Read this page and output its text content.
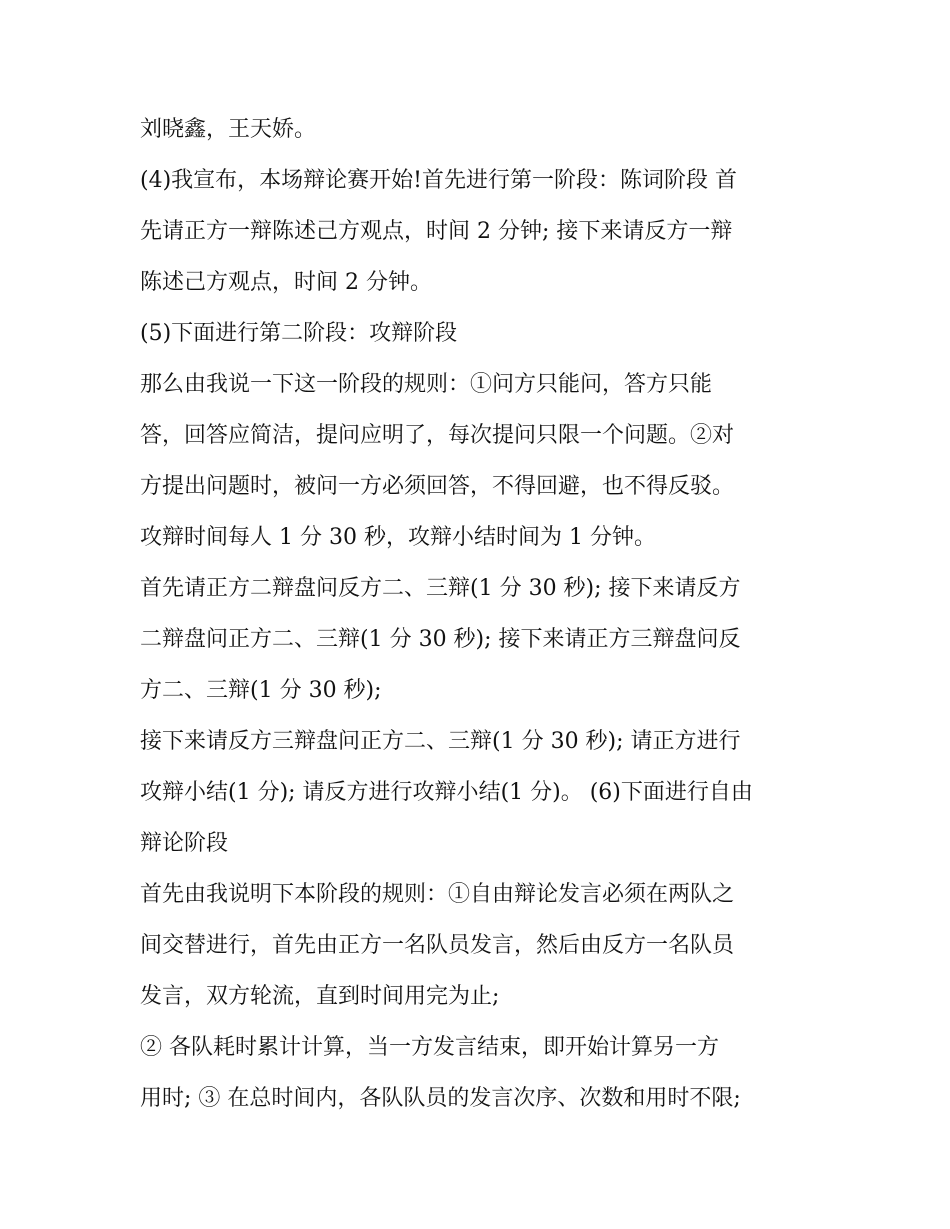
刘晓鑫，王天娇。
(4)我宣布，本场辩论赛开始!首先进行第一阶段：陈词阶段 首
先请正方一辩陈述己方观点，时间 2 分钟; 接下来请反方一辩
陈述己方观点，时间 2 分钟。
(5)下面进行第二阶段：攻辩阶段
那么由我说一下这一阶段的规则：①问方只能问，答方只能
答，回答应简洁，提问应明了，每次提问只限一个问题。②对
方提出问题时，被问一方必须回答，不得回避，也不得反驳。
攻辩时间每人 1 分 30 秒，攻辩小结时间为 1 分钟。
首先请正方二辩盘问反方二、三辩(1 分 30 秒); 接下来请反方
二辩盘问正方二、三辩(1 分 30 秒); 接下来请正方三辩盘问反
方二、三辩(1 分 30 秒);
接下来请反方三辩盘问正方二、三辩(1 分 30 秒); 请正方进行
攻辩小结(1 分); 请反方进行攻辩小结(1 分)。 (6)下面进行自由
辩论阶段
首先由我说明下本阶段的规则：①自由辩论发言必须在两队之
间交替进行，首先由正方一名队员发言，然后由反方一名队员
发言，双方轮流，直到时间用完为止;
② 各队耗时累计计算，当一方发言结束，即开始计算另一方
用时; ③ 在总时间内，各队队员的发言次序、次数和用时不限;
